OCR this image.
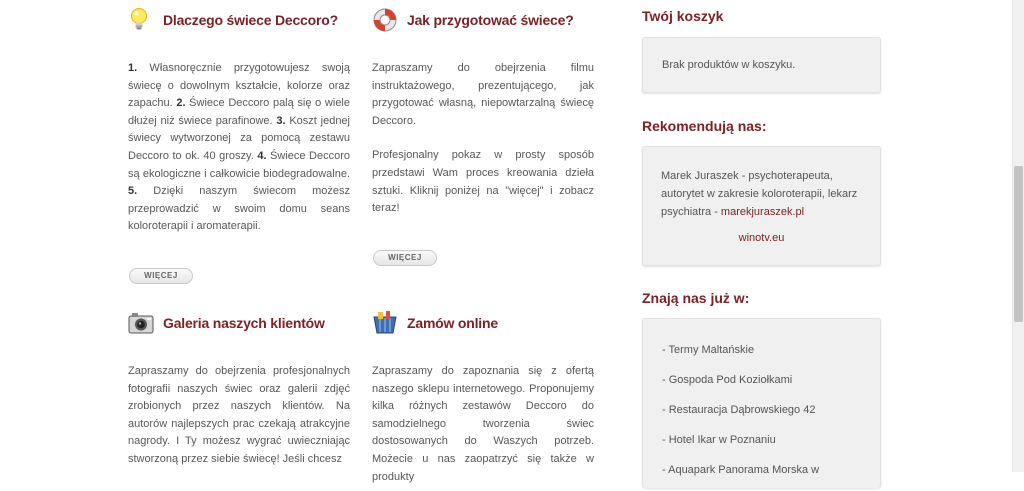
Dlaczego świece Deccoro?

1. Własnoręcznie przygotowujesz swoją świecę o dowolnym kształcie, kolorze oraz zapachu. 2. Świece Deccoro palą się o wiele dłużej niż świece parafinowe. 3. Koszt jednej świecy wytworzonej za pomocą zestawu Deccoro to ok. 40 groszy. 4. Świece Deccoro są ekologiczne i całkowicie biodegradowalne. 5. Dzięki naszym świecom możesz przeprowadzić w swoim domu seans koloroterapii i aromaterapii.

WIĘCEJ
Jak przygotować świece?

Zapraszamy do obejrzenia filmu instruktażowego, prezentującego, jak przygotować własną, niepowtarzalną świecę Deccoro.

Profesjonalny pokaz w prosty sposób przedstawi Wam proces kreowania dzieła sztuki. Kliknij poniżej na "więcej" i zobacz teraz!

WIĘCEJ
Galeria naszych klientów

Zapraszamy do obejrzenia profesjonalnych fotografii naszych świec oraz galerii zdjęć zrobionych przez naszych klientów. Na autorów najlepszych prac czekają atrakcyjne nagrody. I Ty możesz wygrać uwieczniając stworzoną przez siebie świecę! Jeśli chcesz

Zamów online

Zapraszamy do zapoznania się z ofertą naszego sklepu internetowego. Proponujemy kilka różnych zestawów Deccoro do samodzielnego tworzenia świec dostosowanych do Waszych potrzeb. Możecie u nas zaopatrzyć się także w produkty

Twój koszyk
Brak produktów w koszyku.
Rekomendują nas:
Marek Juraszek - psychoterapeuta, autorytet w zakresie koloroterapii, lekarz psychiatra - marekjuraszek.pl
winotv.eu
Znają nas już w:
- Termy Maltańskie
- Gospoda Pod Koziołkami
- Restauracja Dąbrowskiego 42
- Hotel Ikar w Poznaniu
- Aquapark Panorama Morska w
